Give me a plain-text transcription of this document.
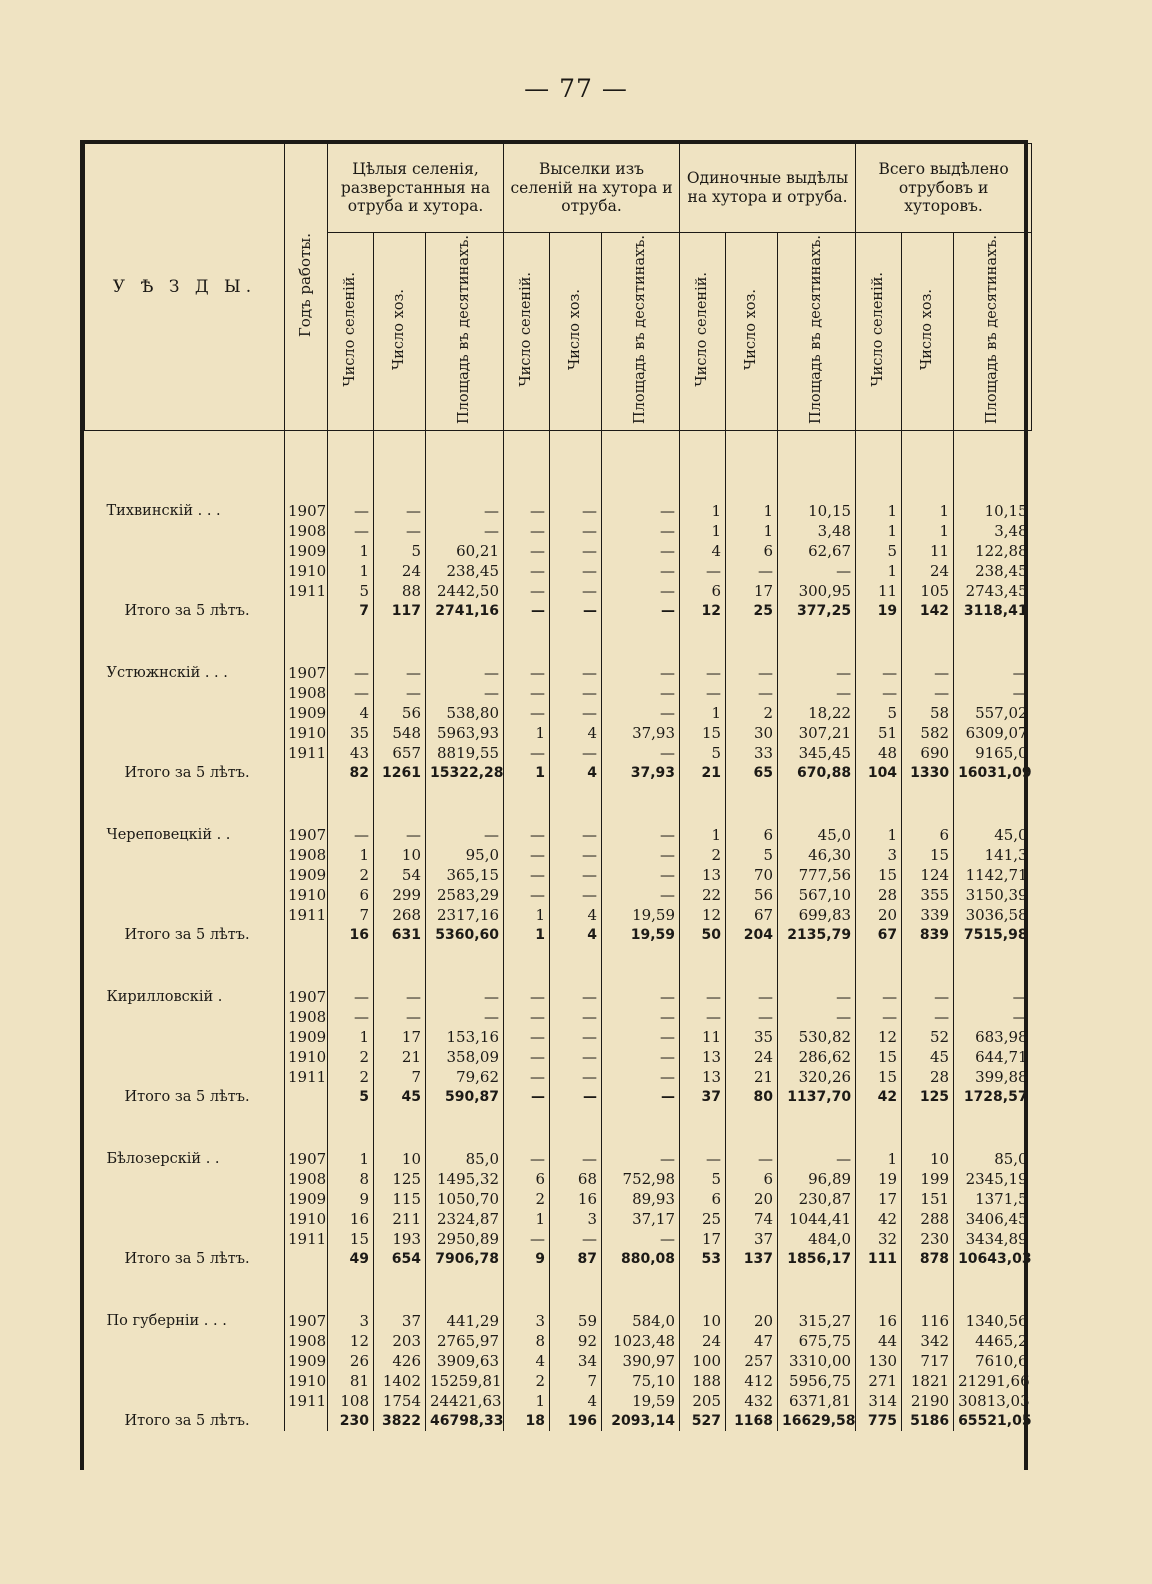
— 77 —
У Ѣ З Д Ы.	Годъ работы.	Цѣлыя селенія, разверстанныя на отруба и хутора.			Выселки изъ селеній на хутора и отруба.			Одиночные выдѣлы на хутора и отруба.			Всего выдѣлено отрубовъ и хуторовъ.		
		Число селеній.	Число хоз.	Площадь въ десятинахъ.	Число селеній.	Число хоз.	Площадь въ десятинахъ.	Число селеній.	Число хоз.	Площадь въ десятинахъ.	Число селеній.	Число хоз.	Площадь въ десятинахъ.

Тихвинскій . . .	1907	—	—	—	—	—	—	1	1	10,15	1	1	10,15
	1908	—	—	—	—	—	—	1	1	3,48	1	1	3,48
	1909	1	5	60,21	—	—	—	4	6	62,67	5	11	122,88
	1910	1	24	238,45	—	—	—	—	—	—	1	24	238,45
	1911	5	88	2442,50	—	—	—	6	17	300,95	11	105	2743,45
Итого за 5 лѣтъ.		7	117	2741,16	—	—	—	12	25	377,25	19	142	3118,41

Устюжнскій . . .	1907	—	—	—	—	—	—	—	—	—	—	—	—
	1908	—	—	—	—	—	—	—	—	—	—	—	—
	1909	4	56	538,80	—	—	—	1	2	18,22	5	58	557,02
	1910	35	548	5963,93	1	4	37,93	15	30	307,21	51	582	6309,07
	1911	43	657	8819,55	—	—	—	5	33	345,45	48	690	9165,0
Итого за 5 лѣтъ.		82	1261	15322,28	1	4	37,93	21	65	670,88	104	1330	16031,09

Череповецкій . .	1907	—	—	—	—	—	—	1	6	45,0	1	6	45,0
	1908	1	10	95,0	—	—	—	2	5	46,30	3	15	141,3
	1909	2	54	365,15	—	—	—	13	70	777,56	15	124	1142,71
	1910	6	299	2583,29	—	—	—	22	56	567,10	28	355	3150,39
	1911	7	268	2317,16	1	4	19,59	12	67	699,83	20	339	3036,58
Итого за 5 лѣтъ.		16	631	5360,60	1	4	19,59	50	204	2135,79	67	839	7515,98

Кирилловскій .	1907	—	—	—	—	—	—	—	—	—	—	—	—
	1908	—	—	—	—	—	—	—	—	—	—	—	—
	1909	1	17	153,16	—	—	—	11	35	530,82	12	52	683,98
	1910	2	21	358,09	—	—	—	13	24	286,62	15	45	644,71
	1911	2	7	79,62	—	—	—	13	21	320,26	15	28	399,88
Итого за 5 лѣтъ.		5	45	590,87	—	—	—	37	80	1137,70	42	125	1728,57

Бѣлозерскій . .	1907	1	10	85,0	—	—	—	—	—	—	1	10	85,0
	1908	8	125	1495,32	6	68	752,98	5	6	96,89	19	199	2345,19
	1909	9	115	1050,70	2	16	89,93	6	20	230,87	17	151	1371,5
	1910	16	211	2324,87	1	3	37,17	25	74	1044,41	42	288	3406,45
	1911	15	193	2950,89	—	—	—	17	37	484,0	32	230	3434,89
Итого за 5 лѣтъ.		49	654	7906,78	9	87	880,08	53	137	1856,17	111	878	10643,03

По губерніи . . .	1907	3	37	441,29	3	59	584,0	10	20	315,27	16	116	1340,56
	1908	12	203	2765,97	8	92	1023,48	24	47	675,75	44	342	4465,2
	1909	26	426	3909,63	4	34	390,97	100	257	3310,00	130	717	7610,6
	1910	81	1402	15259,81	2	7	75,10	188	412	5956,75	271	1821	21291,66
	1911	108	1754	24421,63	1	4	19,59	205	432	6371,81	314	2190	30813,03
Итого за 5 лѣтъ.		230	3822	46798,33	18	196	2093,14	527	1168	16629,58	775	5186	65521,05
